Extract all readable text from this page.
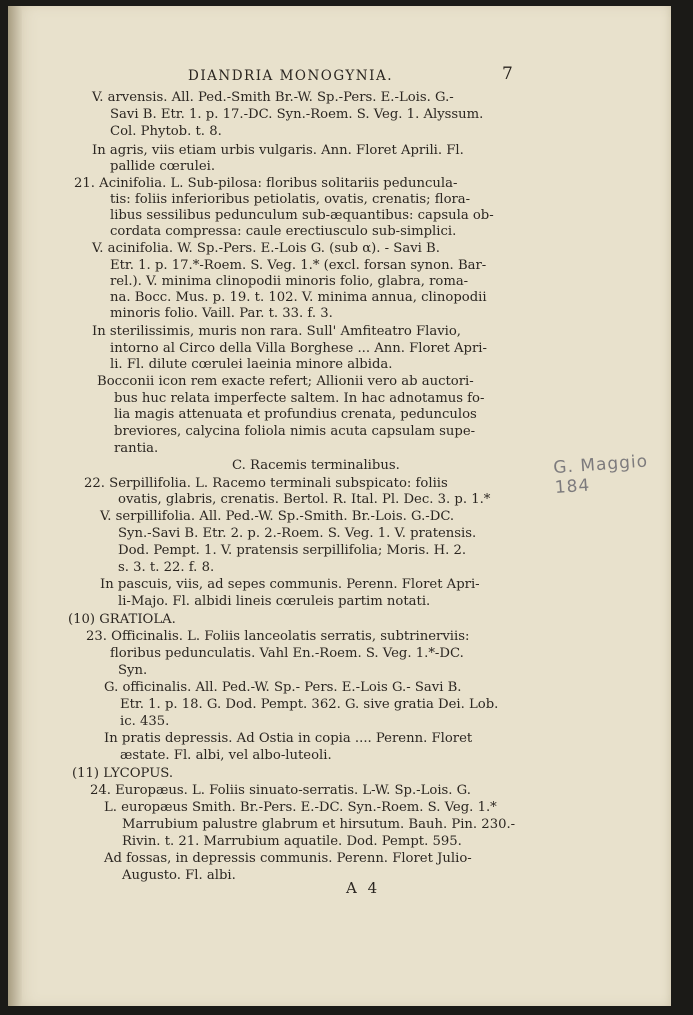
DIANDRIA MONOGYNIA.	7
V. arvensis. All. Ped.-Smith Br.-W. Sp.-Pers. E.-Lois. G.-
Savi B. Etr. 1. p. 17.-DC. Syn.-Roem. S. Veg. 1. Alyssum.
Col. Phytob. t. 8.
In agris, viis etiam urbis vulgaris. Ann. Floret Aprili. Fl.
pallide cœrulei.
21. Acinifolia. L. Sub-pilosa: floribus solitariis peduncula-
tis: foliis inferioribus petiolatis, ovatis, crenatis; flora-
libus sessilibus pedunculum sub-æquantibus: capsula ob-
cordata compressa: caule erectiusculo sub-simplici.
V. acinifolia. W. Sp.-Pers. E.-Lois G. (sub α). - Savi B.
Etr. 1. p. 17.*-Roem. S. Veg. 1.* (excl. forsan synon. Bar-
rel.). V. minima clinopodii minoris folio, glabra, roma-
na. Bocc. Mus. p. 19. t. 102. V. minima annua, clinopodii
minoris folio. Vaill. Par. t. 33. f. 3.
In sterilissimis, muris non rara. Sull' Amfiteatro Flavio,
intorno al Circo della Villa Borghese ... Ann. Floret Apri-
li. Fl. dilute cœrulei laeinia minore albida.
Bocconii icon rem exacte refert; Allionii vero ab auctori-
bus huc relata imperfecte saltem. In hac adnotamus fo-
lia magis attenuata et profundius crenata, pedunculos
breviores, calycina foliola nimis acuta capsulam supe-
rantia.
C. Racemis terminalibus.
22. Serpillifolia. L. Racemo terminali subspicato: foliis
ovatis, glabris, crenatis. Bertol. R. Ital. Pl. Dec. 3. p. 1.*
V. serpillifolia. All. Ped.-W. Sp.-Smith. Br.-Lois. G.-DC.
Syn.-Savi B. Etr. 2. p. 2.-Roem. S. Veg. 1. V. pratensis.
Dod. Pempt. 1. V. pratensis serpillifolia; Moris. H. 2.
s. 3. t. 22. f. 8.
In pascuis, viis, ad sepes communis. Perenn. Floret Apri-
li-Majo. Fl. albidi lineis cœruleis partim notati.
(10) GRATIOLA.
23. Officinalis. L. Foliis lanceolatis serratis, subtrinerviis:
floribus pedunculatis. Vahl En.-Roem. S. Veg. 1.*-DC.
Syn.
G. officinalis. All. Ped.-W. Sp.- Pers. E.-Lois G.- Savi B.
Etr. 1. p. 18. G. Dod. Pempt. 362. G. sive gratia Dei. Lob.
ic. 435.
In pratis depressis. Ad Ostia in copia .... Perenn. Floret
æstate. Fl. albi, vel albo-luteoli.
(11) LYCOPUS.
24. Europæus. L. Foliis sinuato-serratis. L-W. Sp.-Lois. G.
L. europæus Smith. Br.-Pers. E.-DC. Syn.-Roem. S. Veg. 1.*
Marrubium palustre glabrum et hirsutum. Bauh. Pin. 230.-
Rivin. t. 21. Marrubium aquatile. Dod. Pempt. 595.
Ad fossas, in depressis communis. Perenn. Floret Julio-
Augusto. Fl. albi.
G. Maggio 184
A 4
